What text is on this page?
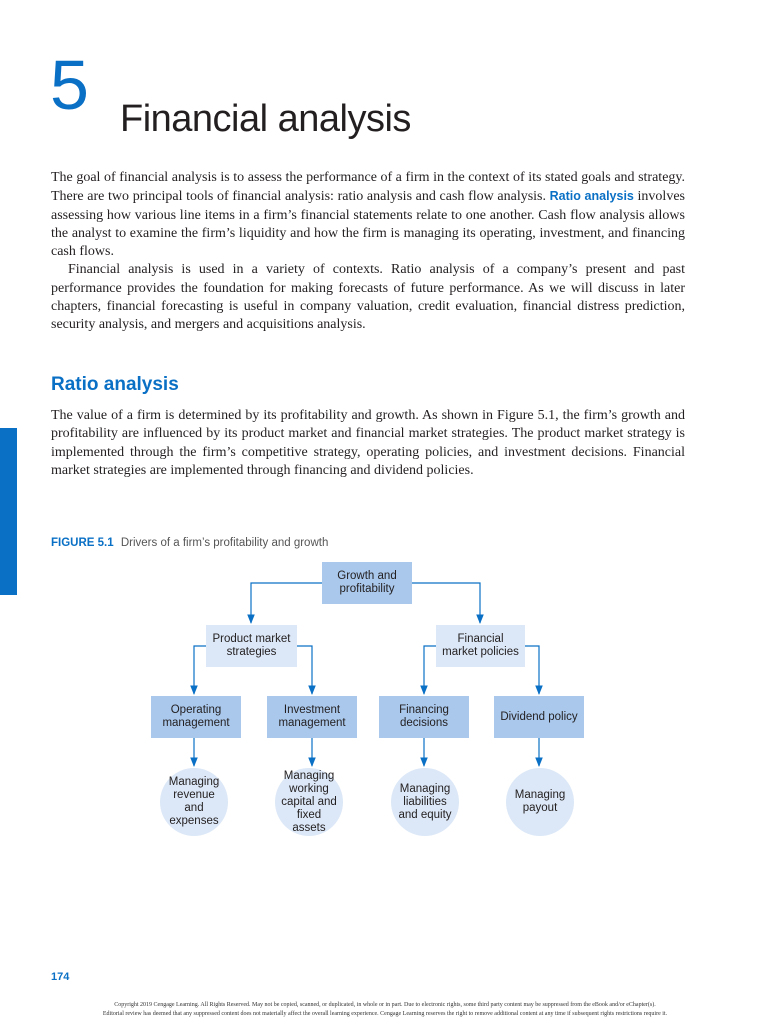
5 Financial analysis

The goal of financial analysis is to assess the performance of a firm in the context of its stated goals and strategy. There are two principal tools of financial analysis: ratio analysis and cash flow analysis. Ratio analysis involves assessing how various line items in a firm’s financial statements relate to one another. Cash flow analysis allows the analyst to examine the firm’s liquidity and how the firm is managing its operating, investment, and financing cash flows.

Financial analysis is used in a variety of contexts. Ratio analysis of a company’s present and past performance provides the foundation for making forecasts of future performance. As we will discuss in later chapters, financial forecasting is useful in company valuation, credit evaluation, financial distress prediction, security analysis, and mergers and acquisitions analysis.

Ratio analysis

The value of a firm is determined by its profitability and growth. As shown in Figure 5.1, the firm’s growth and profitability are influenced by its product market and financial market strategies. The product market strategy is implemented through the firm’s competitive strategy, operating policies, and investment decisions. Financial market strategies are implemented through financing and dividend policies.

FIGURE 5.1 Drivers of a firm’s profitability and growth
Growth and profitability
Product market strategies
Financial market policies
Operating management
Investment management
Financing decisions
Dividend policy
Managing revenue and expenses
Managing working capital and fixed assets
Managing liabilities and equity
Managing payout
174
Copyright 2019 Cengage Learning. All Rights Reserved. May not be copied, scanned, or duplicated, in whole or in part. Due to electronic rights, some third party content may be suppressed from the eBook and/or eChapter(s).
Editorial review has deemed that any suppressed content does not materially affect the overall learning experience. Cengage Learning reserves the right to remove additional content at any time if subsequent rights restrictions require it.
